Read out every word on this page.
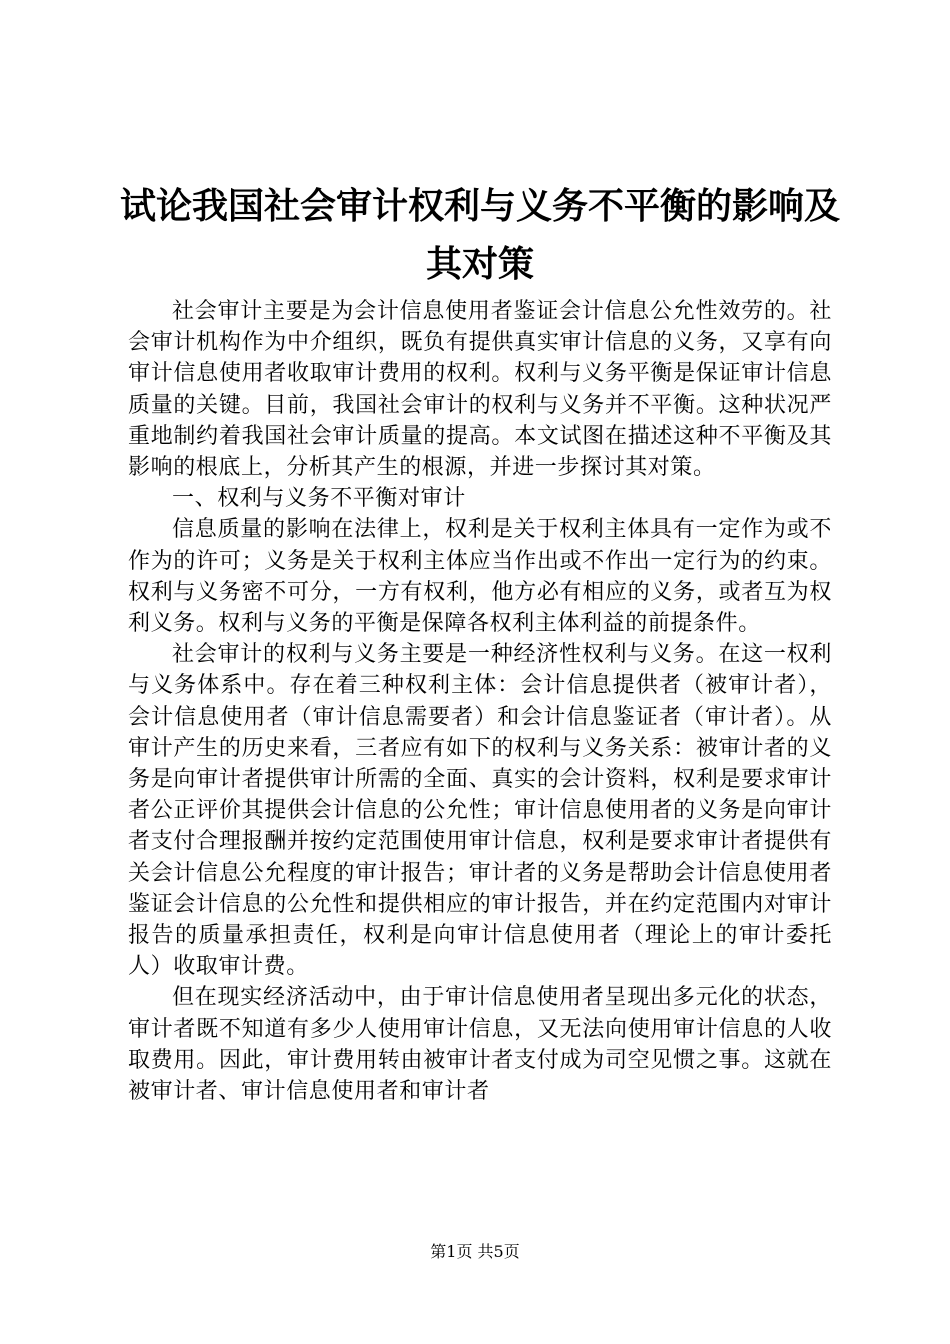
试论我国社会审计权利与义务不平衡的影响及
其对策

社会审计主要是为会计信息使用者鉴证会计信息公允性效劳的。社会审计机构作为中介组织，既负有提供真实审计信息的义务，又享有向审计信息使用者收取审计费用的权利。权利与义务平衡是保证审计信息质量的关键。目前，我国社会审计的权利与义务并不平衡。这种状况严重地制约着我国社会审计质量的提高。本文试图在描述这种不平衡及其影响的根底上，分析其产生的根源，并进一步探讨其对策。

一、权利与义务不平衡对审计

信息质量的影响在法律上，权利是关于权利主体具有一定作为或不作为的许可；义务是关于权利主体应当作出或不作出一定行为的约束。权利与义务密不可分，一方有权利，他方必有相应的义务，或者互为权利义务。权利与义务的平衡是保障各权利主体利益的前提条件。

社会审计的权利与义务主要是一种经济性权利与义务。在这一权利与义务体系中。存在着三种权利主体：会计信息提供者（被审计者），会计信息使用者（审计信息需要者）和会计信息鉴证者（审计者）。从审计产生的历史来看，三者应有如下的权利与义务关系：被审计者的义务是向审计者提供审计所需的全面、真实的会计资料，权利是要求审计者公正评价其提供会计信息的公允性；审计信息使用者的义务是向审计者支付合理报酬并按约定范围使用审计信息，权利是要求审计者提供有关会计信息公允程度的审计报告；审计者的义务是帮助会计信息使用者鉴证会计信息的公允性和提供相应的审计报告，并在约定范围内对审计报告的质量承担责任，权利是向审计信息使用者（理论上的审计委托人）收取审计费。

但在现实经济活动中，由于审计信息使用者呈现出多元化的状态，审计者既不知道有多少人使用审计信息，又无法向使用审计信息的人收取费用。因此，审计费用转由被审计者支付成为司空见惯之事。这就在被审计者、审计信息使用者和审计者

第1页 共5页
